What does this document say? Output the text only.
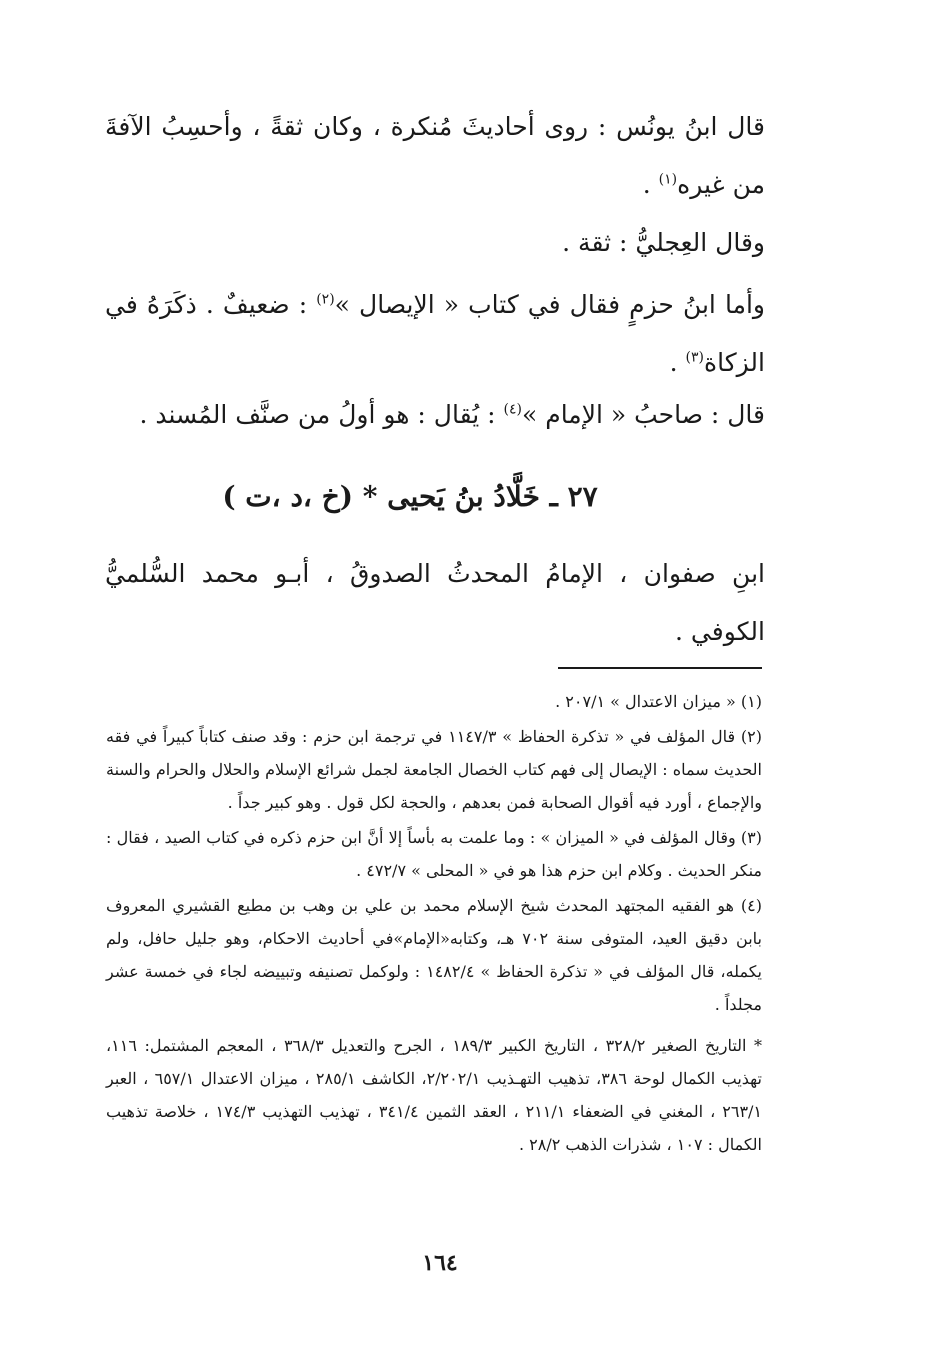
قال ابنُ يونُس : روى أحاديثَ مُنكرة ، وكان ثقةً ، وأحسِبُ الآفةَ من غيره$^{(١)}$ .

وقال العِجليُّ : ثقة .

وأما ابنُ حزمٍ فقال في كتاب « الإيصال »$^{(٢)}$ : ضعيفٌ . ذكَرَهُ في الزكاة$^{(٣)}$ .

قال : صاحبُ « الإمام »$^{(٤)}$ : يُقال : هو أولُ من صنَّف المُسند .

٢٧ ـ خَلَّادُ بنُ يَحيى * (خ ،د ،ت )

ابنِ صفوان ، الإمامُ المحدثُ الصدوقُ ، أبـو محمد السُّلميُّ الكوفي .

(١) « ميزان الاعتدال » ٢٠٧/١ .

(٢) قال المؤلف في « تذكرة الحفاظ » ١١٤٧/٣ في ترجمة ابن حزم : وقد صنف كتاباً كبيراً في فقه الحديث سماه : الإيصال إلى فهم كتاب الخصال الجامعة لجمل شرائع الإسلام والحلال والحرام والسنة والإجماع ، أورد فيه أقوال الصحابة فمن بعدهم ، والحجة لكل قول . وهو كبير جداً .

(٣) وقال المؤلف في « الميزان » : وما علمت به بأساً إلا أنَّ ابن حزم ذكره في كتاب الصيد ، فقال : منكر الحديث . وكلام ابن حزم هذا هو في « المحلى » ٤٧٢/٧ .

(٤) هو الفقيه المجتهد المحدث شيخ الإسلام محمد بن علي بن وهب بن مطيع القشيري المعروف بابن دقيق العيد، المتوفى سنة ٧٠٢ هـ، وكتابه«الإمام»في أحاديث الاحكام، وهو جليل حافل، ولم يكمله، قال المؤلف في « تذكرة الحفاظ » ١٤٨٢/٤ : ولوكمل تصنيفه وتبييضه لجاء في خمسة عشر مجلداً .

* التاريخ الصغير ٣٢٨/٢ ، التاريخ الكبير ١٨٩/٣ ، الجرح والتعديل ٣٦٨/٣ ، المعجم المشتمل: ١١٦، تهذيب الكمال لوحة ٣٨٦، تذهيب التهـذيب ٢/٢٠٢/١، الكاشف ٢٨٥/١ ، ميزان الاعتدال ٦٥٧/١ ، العبر ٢٦٣/١ ، المغني في الضعفاء ٢١١/١ ، العقد الثمين ٣٤١/٤ ، تهذيب التهذيب ١٧٤/٣ ، خلاصة تذهيب الكمال : ١٠٧ ، شذرات الذهب ٢٨/٢ .

١٦٤
